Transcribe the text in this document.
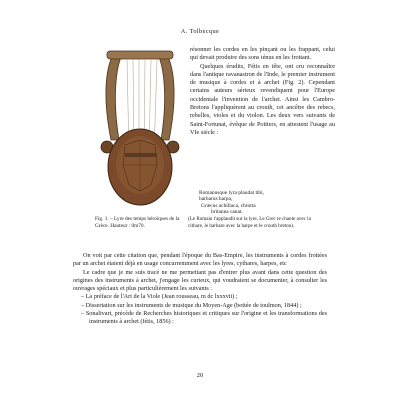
A. Tolbecque

résonner les cordes en les pinçant ou les frappant, celui qui devait produire des sons ténus en les frottant.

Quelques érudits, Fétis en tête, ont cru reconnaître dans l'antique ravanastron de l'Inde, le premier instrument de musique à cordes et à archet (Fig. 2). Cependant certains auteurs sérieux revendiquent pour l'Europe occidentale l'invention de l'archet. Ainsi les Cambro-Bretons l'appliquèrent au crouth, cet ancêtre des rebecs, rebelles, violes et du violon. Les deux vers suivants de Saint-Fortunat, évêque de Poitiers, en attestent l'usage au VIe siècle :

Romanusque lyra plaudat tibi,

barbarus harpa,

Græcus achillaca, chrotta

britanna canat.

Fig. 1. – Lyre des temps héroïques de la Grèce. Hauteur : 0m70.
(Le Romain t'applaudit sur la lyre, Le Grec te chante avec la cithare, le barbare avec la harpe et le crouth breton).

On voit par cette citation que, pendant l'époque du Bas-Empire, les instruments à cordes frottées par un archet étaient déjà en usage concurremment avec les lyres, cythares, harpes, etc

Le cadre que je me suis tracé ne me permettant pas d'entrer plus avant dans cette question des origines des instruments à archet, j'engage les curieux, qui voudraient se documenter, à consulter les ouvrages spéciaux et plus particulièrement les suivants :

– La préface de l'Art de la Viole (Jean rousseau, m dc lxxxvii) ;

– Dissertation sur les instruments de musique du Moyen-Age (bottée de toulmon, 1844) ;

– Sonalivart, précède de Recherches historiques et critiques sur l'origine et les transformations des instruments à archet (fétis, 1856) :

20
